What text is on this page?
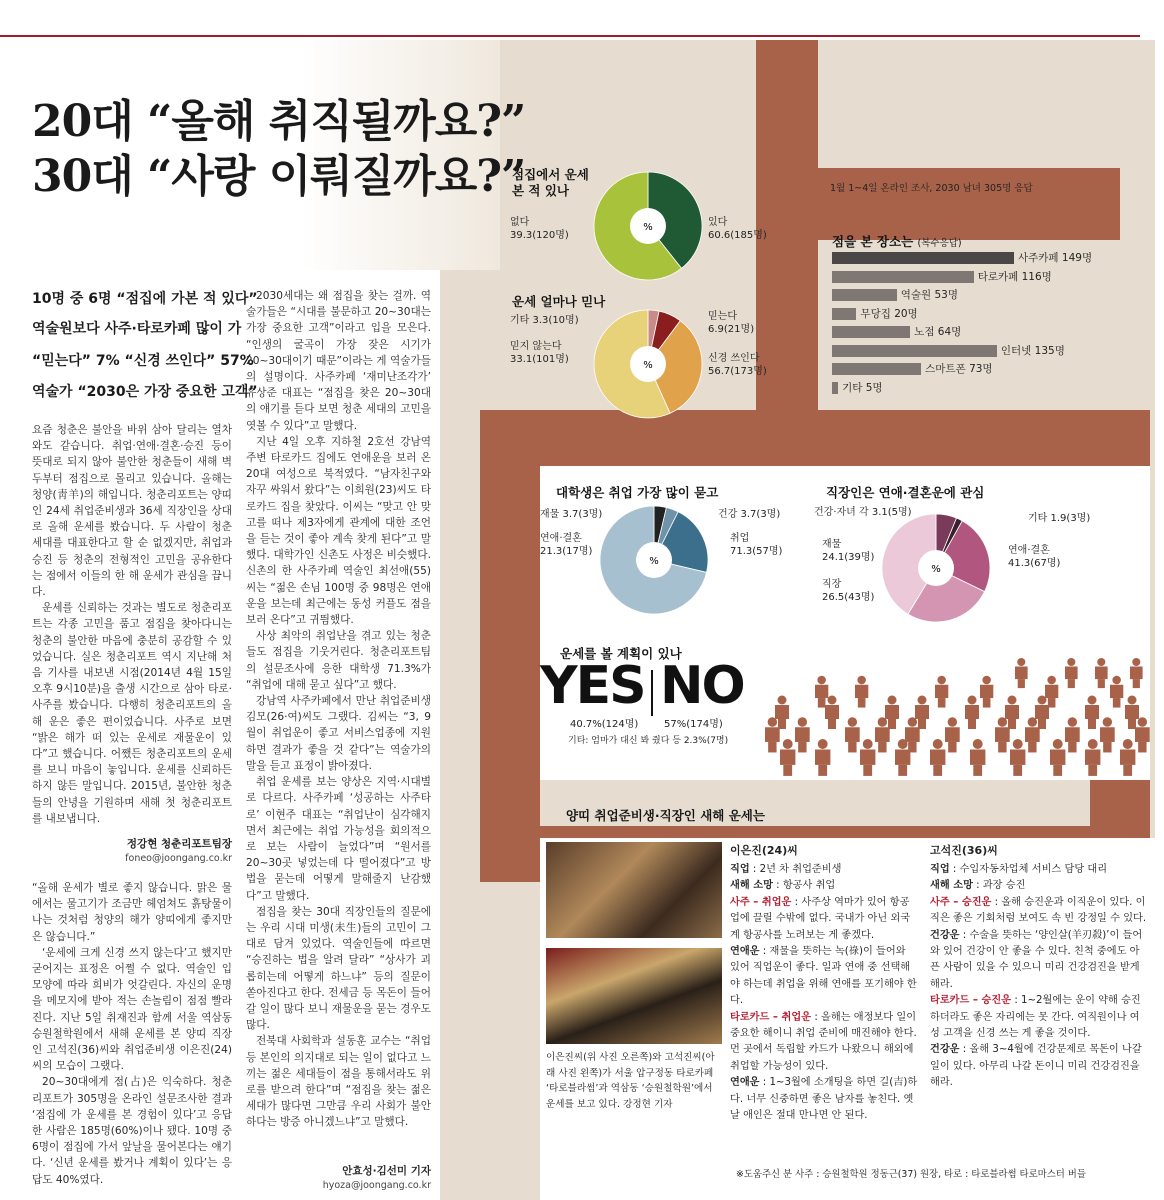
占
20대 “올해 취직될까요?”
30대 “사랑 이뤄질까요?”
10명 중 6명 “점집에 가본 적 있다”
역술원보다 사주·타로카페 많이 가
“믿는다” 7% “신경 쓰인다” 57%
역술가 “2030은 가장 중요한 고객”

요즘 청춘은 불안을 바위 삼아 달리는 열차와도 같습니다. 취업·연애·결혼·승진 등이 뜻대로 되지 않아 불안한 청춘들이 새해 벽두부터 점집으로 몰리고 있습니다. 올해는 청양(靑羊)의 해입니다. 청춘리포트는 양띠인 24세 취업준비생과 36세 직장인을 상대로 올해 운세를 봤습니다. 두 사람이 청춘 세대를 대표한다고 할 순 없겠지만, 취업과 승진 등 청춘의 전형적인 고민을 공유한다는 점에서 이들의 한 해 운세가 관심을 끕니다.

운세를 신뢰하는 것과는 별도로 청춘리포트는 각종 고민을 품고 점집을 찾아다니는 청춘의 불안한 마음에 충분히 공감할 수 있었습니다. 실은 청춘리포트 역시 지난해 처음 기사를 내보낸 시점(2014년 4월 15일 오후 9시10분)을 출생 시간으로 삼아 타로·사주를 봤습니다. 다행히 청춘리포트의 올해 운은 좋은 편이었습니다. 사주로 보면 “밝은 해가 떠 있는 운세로 재물운이 있다”고 했습니다. 어쨌든 청춘리포트의 운세를 보니 마음이 놓입니다. 운세를 신뢰하든 하지 않든 말입니다. 2015년, 불안한 청춘들의 안녕을 기원하며 새해 첫 청춘리포트를 내보냅니다.

정강현 청춘리포트팀장
foneo@joongang.co.kr

“올해 운세가 별로 좋지 않습니다. 맑은 물에서는 물고기가 조금만 헤엄쳐도 흙탕물이 나는 것처럼 청양의 해가 양띠에게 좋지만은 않습니다.”

‘운세에 크게 신경 쓰지 않는다’고 했지만 굳어지는 표정은 어쩔 수 없다. 역술인 입 모양에 따라 희비가 엇갈린다. 자신의 운명을 메모지에 받아 적는 손놀림이 점점 빨라진다. 지난 5일 취재진과 함께 서울 역삼동 승원철학원에서 새해 운세를 본 양띠 직장인 고석진(36)씨와 취업준비생 이은진(24)씨의 모습이 그랬다.

20~30대에게 점(占)은 익숙하다. 청춘리포트가 305명을 온라인 설문조사한 결과 ‘점집에 가 운세를 본 경험이 있다’고 응답한 사람은 185명(60%)이나 됐다. 10명 중 6명이 점집에 가서 앞날을 물어본다는 얘기다. ‘신년 운세를 봤거나 계획이 있다’는 응답도 40%였다.

2030세대는 왜 점집을 찾는 걸까. 역술가들은 “시대를 불문하고 20~30대는 가장 중요한 고객”이라고 입을 모은다. “인생의 굴곡이 가장 잦은 시기가 20~30대이기 때문”이라는 게 역술가들의 설명이다. 사주카페 ‘재미난조각가’ 유상준 대표는 “점집을 찾은 20~30대의 얘기를 듣다 보면 청춘 세대의 고민을 엿볼 수 있다”고 말했다.

지난 4일 오후 지하철 2호선 강남역 주변 타로카드 집에도 연애운을 보러 온 20대 여성으로 북적였다. “남자친구와 자꾸 싸워서 왔다”는 이희원(23)씨도 타로카드 집을 찾았다. 이씨는 “맞고 안 맞고를 떠나 제3자에게 관계에 대한 조언을 듣는 것이 좋아 계속 찾게 된다”고 말했다. 대학가인 신촌도 사정은 비슷했다. 신촌의 한 사주카페 역술인 최선애(55)씨는 “젊은 손님 100명 중 98명은 연애운을 보는데 최근에는 동성 커플도 점을 보러 온다”고 귀띔했다.

사상 최악의 취업난을 겪고 있는 청춘들도 점집을 기웃거린다. 청춘리포트팀의 설문조사에 응한 대학생 71.3%가 “취업에 대해 묻고 싶다”고 했다.

강남역 사주카페에서 만난 취업준비생 김모(26·여)씨도 그랬다. 김씨는 “3, 9월이 취업운이 좋고 서비스업종에 지원하면 결과가 좋을 것 같다”는 역술가의 말을 듣고 표정이 밝아졌다.

취업 운세를 보는 양상은 지역·시대별로 다르다. 사주카페 ‘성공하는 사주타로’ 이현주 대표는 “취업난이 심각해지면서 최근에는 취업 가능성을 회의적으로 보는 사람이 늘었다”며 “원서를 20~30곳 넣었는데 다 떨어졌다”고 방법을 묻는데 어떻게 말해줄지 난감했다”고 말했다.

점집을 찾는 30대 직장인들의 질문에는 우리 시대 미생(未生)들의 고민이 그대로 담겨 있었다. 역술인들에 따르면 “승진하는 법을 알려 달라” “상사가 괴롭히는데 어떻게 하느냐” 등의 질문이 쏟아진다고 한다. 전세금 등 목돈이 들어갈 일이 많다 보니 재물운을 묻는 경우도 많다.

전북대 사회학과 설동훈 교수는 “취업 등 본인의 의지대로 되는 일이 없다고 느끼는 젊은 세대들이 점을 통해서라도 위로를 받으려 한다”며 “점집을 찾는 젊은 세대가 많다면 그만큼 우리 사회가 불안하다는 방증 아니겠느냐”고 말했다.

안효성·김선미 기자
hyoza@joongang.co.kr
1월 1~4일 온라인 조사, 2030 남녀 305명 응답
점집에서 운세
본 적 있나
%
없다
39.3(120명)
있다
60.6(185명)
운세 얼마나 믿나
%
기타 3.3(10명)	믿는다
6.9(21명)
믿지 않는다
33.1(101명)	신경 쓰인다
56.7(173명)
점을 본 장소는 (복수응답)
사주카페 149명
타로카페 116명
역술원 53명
무당집 20명
노점 64명
인터넷 135명
스마트폰 73명
기타 5명
대학생은 취업 가장 많이 묻고
%
재물 3.7(3명)	건강 3.7(3명)
연애·결혼
21.3(17명)
취업
71.3(57명)
직장인은 연애·결혼운에 관심
%
건강·자녀 각 3.1(5명)
기타 1.9(3명)
재물
24.1(39명)
연애·결혼
41.3(67명)
직장
26.5(43명)
운세를 볼 계획이 있나
YES NO
40.7%(124명)	57%(174명)
기타: 엄마가 대신 봐 줬다 등 2.3%(7명)
양띠 취업준비생·직장인 새해 운세는
이은진씨(위 사진 오른쪽)와 고석진씨(아래 사진 왼쪽)가 서울 압구정동 타로카페 ‘타로블라썸’과 역삼동 ‘승원철학원’에서 운세를 보고 있다. 강정현 기자
이은진(24)씨
직업 : 2년 차 취업준비생
새해 소망 : 항공사 취업
사주 – 취업운 : 사주상 역마가 있어 항공업에 끌릴 수밖에 없다. 국내가 아닌 외국계 항공사를 노려보는 게 좋겠다.
연애운 : 재물을 뜻하는 녹(祿)이 들어와 있어 직업운이 좋다. 일과 연애 중 선택해야 하는데 취업을 위해 연애를 포기해야 한다.
타로카드 – 취업운 : 올해는 애정보다 일이 중요한 해이니 취업 준비에 매진해야 한다. 먼 곳에서 독립할 카드가 나왔으니 해외에 취업할 가능성이 있다.
연애운 : 1~3월에 소개팅을 하면 길(吉)하다. 너무 신중하면 좋은 남자를 놓친다. 옛날 애인은 절대 만나면 안 된다.
고석진(36)씨
직업 : 수입자동차업체 서비스 담당 대리
새해 소망 : 과장 승진
사주 – 승진운 : 올해 승진운과 이직운이 있다. 이직은 좋은 기회처럼 보여도 속 빈 강정일 수 있다.
건강운 : 수술을 뜻하는 ‘양인살(羊刃殺)’이 들어와 있어 건강이 안 좋을 수 있다. 친척 중에도 아픈 사람이 있을 수 있으니 미리 건강검진을 받게 해라.
타로카드 – 승진운 : 1~2월에는 운이 약해 승진 하더라도 좋은 자리에는 못 간다. 여직원이나 여성 고객을 신경 쓰는 게 좋을 것이다.
건강운 : 올해 3~4월에 건강문제로 목돈이 나갈 일이 있다. 아무리 나갈 돈이니 미리 건강검진을 해라.
※도움주신 분 사주 : 승원철학원 정동근(37) 원장, 타로 : 타로블라썸 타로마스터 버들
